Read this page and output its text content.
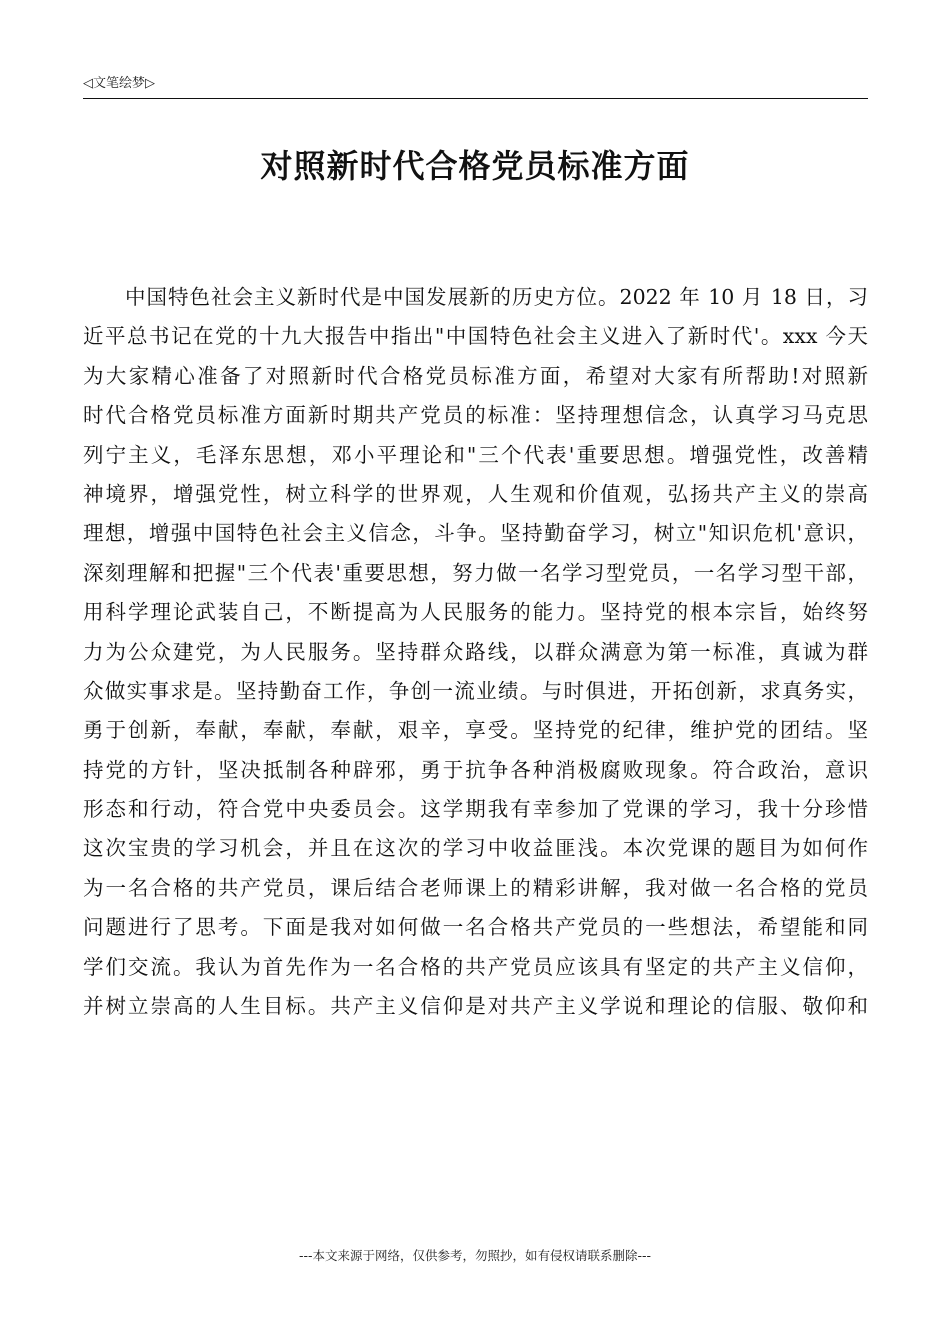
◁文笔绘梦▷
对照新时代合格党员标准方面
中国特色社会主义新时代是中国发展新的历史方位。2022 年 10 月 18 日，习
近平总书记在党的十九大报告中指出"中国特色社会主义进入了新时代'。xxx 今天
为大家精心准备了对照新时代合格党员标准方面，希望对大家有所帮助!对照新
时代合格党员标准方面新时期共产党员的标准：坚持理想信念，认真学习马克思
列宁主义，毛泽东思想，邓小平理论和"三个代表'重要思想。增强党性，改善精
神境界，增强党性，树立科学的世界观，人生观和价值观，弘扬共产主义的崇高
理想，增强中国特色社会主义信念，斗争。坚持勤奋学习，树立"知识危机'意识，
深刻理解和把握"三个代表'重要思想，努力做一名学习型党员，一名学习型干部，
用科学理论武装自己，不断提高为人民服务的能力。坚持党的根本宗旨，始终努
力为公众建党，为人民服务。坚持群众路线，以群众满意为第一标准，真诚为群
众做实事求是。坚持勤奋工作，争创一流业绩。与时俱进，开拓创新，求真务实，
勇于创新，奉献，奉献，奉献，艰辛，享受。坚持党的纪律，维护党的团结。坚
持党的方针，坚决抵制各种辟邪，勇于抗争各种消极腐败现象。符合政治，意识
形态和行动，符合党中央委员会。这学期我有幸参加了党课的学习，我十分珍惜
这次宝贵的学习机会，并且在这次的学习中收益匪浅。本次党课的题目为如何作
为一名合格的共产党员，课后结合老师课上的精彩讲解，我对做一名合格的党员
问题进行了思考。下面是我对如何做一名合格共产党员的一些想法，希望能和同
学们交流。我认为首先作为一名合格的共产党员应该具有坚定的共产主义信仰，
并树立崇高的人生目标。共产主义信仰是对共产主义学说和理论的信服、敬仰和
---本文来源于网络，仅供参考，勿照抄，如有侵权请联系删除---
